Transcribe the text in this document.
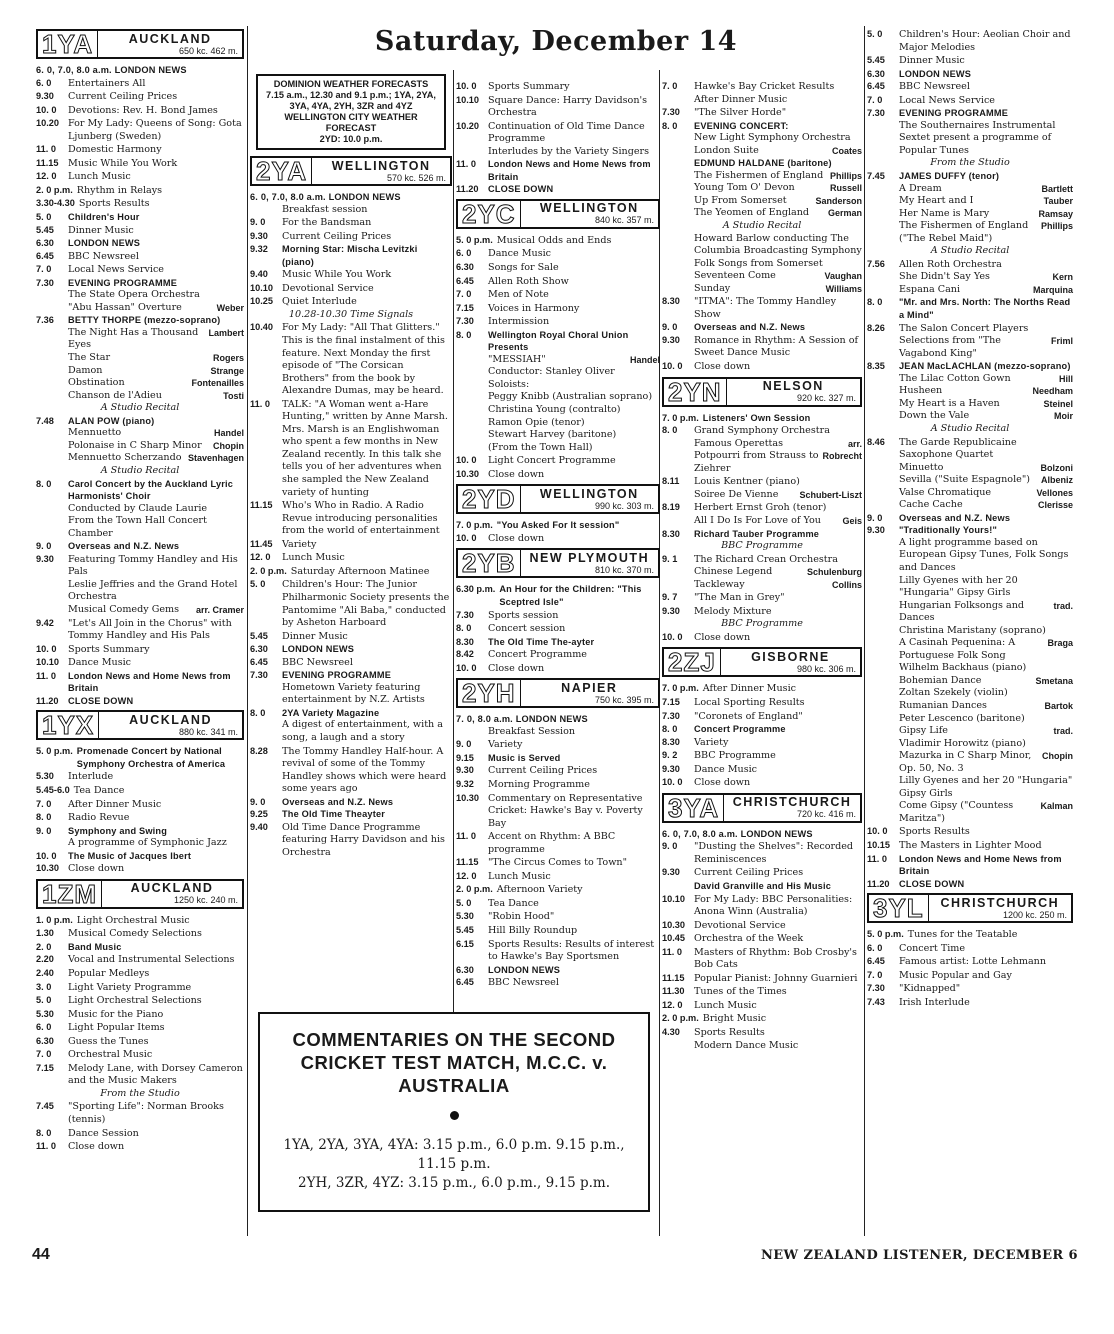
Saturday, December 14
1YA	AUCKLAND
650 kc. 462 m.
6. 0, 7.0, 8.0 a.m. LONDON NEWS
6. 0	Entertainers All
9.30	Current Ceiling Prices
10. 0	Devotions: Rev. H. Bond James
10.20 For My Lady: Queens of Song: Gota Ljunberg (Sweden)
11. 0	Domestic Harmony
11.15 Music While You Work
12. 0	Lunch Music
2. 0 p.m. Rhythm in Relays
3.30-4.30 Sports Results
5. 0	Children's Hour
5.45	Dinner Music
6.30	LONDON NEWS
6.45	BBC Newsreel
7. 0	Local News Service
7.30	EVENING PROGRAMME
The State Opera Orchestra
"Abu Hassan" Overture	Weber
7.36	BETTY THORPE (mezzo-soprano)
The Night Has a Thousand Eyes
Lambert
The Star	Rogers
Damon	Strange
Obstination	Fontenailles
Chanson de l'Adieu	Tosti
A Studio Recital
7.48	ALAN POW (piano)
Mennuetto	Handel
Polonaise in C Sharp Minor Chopin
Mennuetto Scherzando Stavenhagen
A Studio Recital
8. 0	Carol Concert by the Auckland Lyric Harmonists' Choir
Conducted by Claude Laurie
From the Town Hall Concert Chamber
9. 0	Overseas and N.Z. News
9.30	Featuring Tommy Handley and His Pals
Leslie Jeffries and the Grand Hotel Orchestra
Musical Comedy Gems arr. Cramer
9.42	"Let's All Join in the Chorus" with Tommy Handley and His Pals
10. 0	Sports Summary
10.10 Dance Music
11. 0	London News and Home News from Britain
11.20	CLOSE DOWN
1YX	AUCKLAND
880 kc. 341 m.
5. 0 p.m. Promenade Concert by National Symphony Orchestra of America
5.30	Interlude
5.45-6.0 Tea Dance
7. 0	After Dinner Music
8. 0	Radio Revue
9. 0	Symphony and Swing
A programme of Symphonic Jazz
10. 0	The Music of Jacques Ibert
10.30 Close down
1ZM	AUCKLAND
1250 kc. 240 m.
1. 0 p.m. Light Orchestral Music
1.30	Musical Comedy Selections
2. 0	Band Music
2.20	Vocal and Instrumental Selections
2.40	Popular Medleys
3. 0	Light Variety Programme
5. 0	Light Orchestral Selections
5.30	Music for the Piano
6. 0	Light Popular Items
6.30	Guess the Tunes
7. 0	Orchestral Music
7.15	Melody Lane, with Dorsey Cameron and the Music Makers
From the Studio
7.45	"Sporting Life": Norman Brooks (tennis)
8. 0	Dance Session
11. 0	Close down
DOMINION WEATHER FORECASTS
7.15 a.m., 12.30 and 9.1 p.m.; 1YA, 2YA, 3YA, 4YA, 2YH, 3ZR and 4YZ
WELLINGTON CITY WEATHER FORECAST
2YD: 10.0 p.m.
2YA	WELLINGTON
570 kc. 526 m.
6. 0, 7.0, 8.0 a.m. LONDON NEWS
Breakfast session
9. 0	For the Bandsman
9.30	Current Ceiling Prices
9.32	Morning Star: Mischa Levitzki (piano)
9.40	Music While You Work
10.10 Devotional Service
10.25 Quiet Interlude
10.28-10.30 Time Signals
10.40 For My Lady: "All That Glitters." This is the final instalment of this feature. Next Monday the first episode of "The Corsican Brothers" from the book by Alexandre Dumas, may be heard.
11. 0	TALK: "A Woman went a-Hare Hunting," written by Anne Marsh. Mrs. Marsh is an Englishwoman who spent a few months in New Zealand recently. In this talk she tells you of her adventures when she sampled the New Zealand variety of hunting
11.15 Who's Who in Radio. A Radio Revue introducing personalities from the world of entertainment
11.45 Variety
12. 0	Lunch Music
2. 0 p.m. Saturday Afternoon Matinee
5. 0	Children's Hour: The Junior Philharmonic Society presents the Pantomime "Ali Baba," conducted by Asheton Harboard
5.45	Dinner Music
6.30	LONDON NEWS
6.45	BBC Newsreel
7.30	EVENING PROGRAMME
Hometown Variety featuring entertainment by N.Z. Artists
8. 0	2YA Variety Magazine
A digest of entertainment, with a song, a laugh and a story
8.28	The Tommy Handley Half-hour. A revival of some of the Tommy Handley shows which were heard some years ago
9. 0	Overseas and N.Z. News
9.25	The Old Time Theayter
9.40	Old Time Dance Programme featuring Harry Davidson and his Orchestra
10. 0	Sports Summary
10.10 Square Dance: Harry Davidson's Orchestra
10.20 Continuation of Old Time Dance Programme
Interludes by the Variety Singers
11. 0	London News and Home News from Britain
11.20	CLOSE DOWN
2YC	WELLINGTON
840 kc. 357 m.
5. 0 p.m. Musical Odds and Ends
6. 0	Dance Music
6.30	Songs for Sale
6.45	Allen Roth Show
7. 0	Men of Note
7.15	Voices in Harmony
7.30	Intermission
8. 0	Wellington Royal Choral Union Presents
"MESSIAH"	Handel
Conductor: Stanley Oliver
Soloists:
Peggy Knibb (Australian soprano)
Christina Young (contralto)
Ramon Opie (tenor)
Stewart Harvey (baritone)
(From the Town Hall)
10. 0	Light Concert Programme
10.30 Close down
2YD	WELLINGTON
990 kc. 303 m.
7. 0 p.m. "You Asked For It session"
10. 0	Close down
2YB	NEW PLYMOUTH
810 kc. 370 m.
6.30 p.m. An Hour for the Children: "This Sceptred Isle"
7.30	Sports session
8. 0	Concert session
8.30	The Old Time The-ayter
8.42	Concert Programme
10. 0	Close down
2YH	NAPIER
750 kc. 395 m.
7. 0, 8.0 a.m. LONDON NEWS
Breakfast Session
9. 0	Variety
9.15	Music is Served
9.30	Current Ceiling Prices
9.32	Morning Programme
10.30 Commentary on Representative Cricket: Hawke's Bay v. Poverty Bay
11. 0	Accent on Rhythm: A BBC programme
11.15 "The Circus Comes to Town"
12. 0	Lunch Music
2. 0 p.m. Afternoon Variety
5. 0	Tea Dance
5.30	"Robin Hood"
5.45	Hill Billy Roundup
6.15	Sports Results: Results of interest to Hawke's Bay Sportsmen
6.30	LONDON NEWS
6.45	BBC Newsreel
7. 0	Hawke's Bay Cricket Results
After Dinner Music
7.30	"The Silver Horde"
8. 0	EVENING CONCERT:
New Light Symphony Orchestra
London Suite	Coates
EDMUND HALDANE (baritone)
The Fishermen of England Phillips
Young Tom O' Devon	Russell
Up From Somerset	Sanderson
The Yeomen of England German
A Studio Recital
Howard Barlow conducting The Columbia Broadcasting Symphony
Folk Songs from Somerset
Seventeen Come Sunday
Vaughan Williams
8.30	"ITMA": The Tommy Handley Show
9. 0	Overseas and N.Z. News
9.30	Romance in Rhythm: A Session of Sweet Dance Music
10. 0	Close down
2YN	NELSON
920 kc. 327 m.
7. 0 p.m. Listeners' Own Session
8. 0	Grand Symphony Orchestra
Famous Operettas Potpourri from Strauss to Ziehrer
arr. Robrecht
8.11	Louis Kentner (piano)
Soiree De Vienne Schubert-Liszt
8.19	Herbert Ernst Groh (tenor)
All I Do Is For Love of You Geis
8.30	Richard Tauber Programme
BBC Programme
9. 1	The Richard Crean Orchestra
Chinese Legend	Schulenburg
Tackleway	Collins
9. 7	"The Man in Grey"
9.30	Melody Mixture
BBC Programme
10. 0	Close down
2ZJ	GISBORNE
980 kc. 306 m.
7. 0 p.m. After Dinner Music
7.15	Local Sporting Results
7.30	"Coronets of England"
8. 0	Concert Programme
8.30	Variety
9. 2	BBC Programme
9.30	Dance Music
10. 0	Close down
3YA	CHRISTCHURCH
720 kc. 416 m.
6. 0, 7.0, 8.0 a.m. LONDON NEWS
9. 0	"Dusting the Shelves": Recorded Reminiscences
9.30	Current Ceiling Prices
David Granville and His Music
10.10 For My Lady: BBC Personalities: Anona Winn (Australia)
10.30 Devotional Service
10.45 Orchestra of the Week
11. 0	Masters of Rhythm: Bob Crosby's Bob Cats
11.15 Popular Pianist: Johnny Guarnieri
11.30 Tunes of the Times
12. 0	Lunch Music
2. 0 p.m. Bright Music
4.30	Sports Results
Modern Dance Music
5. 0	Children's Hour: Aeolian Choir and Major Melodies
5.45	Dinner Music
6.30	LONDON NEWS
6.45	BBC Newsreel
7. 0	Local News Service
7.30	EVENING PROGRAMME
The Southernaires Instrumental Sextet present a programme of Popular Tunes
From the Studio
7.45	JAMES DUFFY (tenor)
A Dream	Bartlett
My Heart and I	Tauber
Her Name is Mary	Ramsay
The Fishermen of England ("The Rebel Maid")
Phillips
A Studio Recital
7.56	Allen Roth Orchestra
She Didn't Say Yes	Kern
Espana Cani	Marquina
8. 0	"Mr. and Mrs. North: The Norths Read a Mind"
8.26	The Salon Concert Players
Selections from "The Vagabond King"
Friml
8.35	JEAN MacLACHLAN (mezzo-soprano)
The Lilac Cotton Gown	Hill
Husheen	Needham
My Heart is a Haven	Steinel
Down the Vale	Moir
A Studio Recital
8.46	The Garde Republicaine Saxophone Quartet
Minuetto	Bolzoni
Sevilla ("Suite Espagnole") Albeniz
Valse Chromatique	Vellones
Cache Cache	Clerisse
9. 0	Overseas and N.Z. News
9.30	"Traditionally Yours!"
A light programme based on European Gipsy Tunes, Folk Songs and Dances
Lilly Gyenes with her 20 "Hungaria" Gipsy Girls
Hungarian Folksongs and Dances
trad.
Christina Maristany (soprano)
A Casinah Pequenina: A Portuguese Folk Song
Braga
Wilhelm Backhaus (piano)
Bohemian Dance	Smetana
Zoltan Szekely (violin)
Rumanian Dances	Bartok
Peter Lescenco (baritone)
Gipsy Life	trad.
Vladimir Horowitz (piano)
Mazurka in C Sharp Minor, Op. 50, No. 3
Chopin
Lilly Gyenes and her 20 "Hungaria" Gipsy Girls
Come Gipsy ("Countess Maritza")
Kalman
10. 0	Sports Results
10.15 The Masters in Lighter Mood
11. 0	London News and Home News from Britain
11.20	CLOSE DOWN
3YL	CHRISTCHURCH
1200 kc. 250 m.
5. 0 p.m. Tunes for the Teatable
6. 0	Concert Time
6.45	Famous artist: Lotte Lehmann
7. 0	Music Popular and Gay
7.30	"Kidnapped"
7.43	Irish Interlude
COMMENTARIES ON THE SECOND CRICKET TEST MATCH, M.C.C. v. AUSTRALIA
1YA, 2YA, 3YA, 4YA: 3.15 p.m., 6.0 p.m. 9.15 p.m., 11.15 p.m.
2YH, 3ZR, 4YZ: 3.15 p.m., 6.0 p.m., 9.15 p.m.
44	NEW ZEALAND LISTENER, DECEMBER 6
